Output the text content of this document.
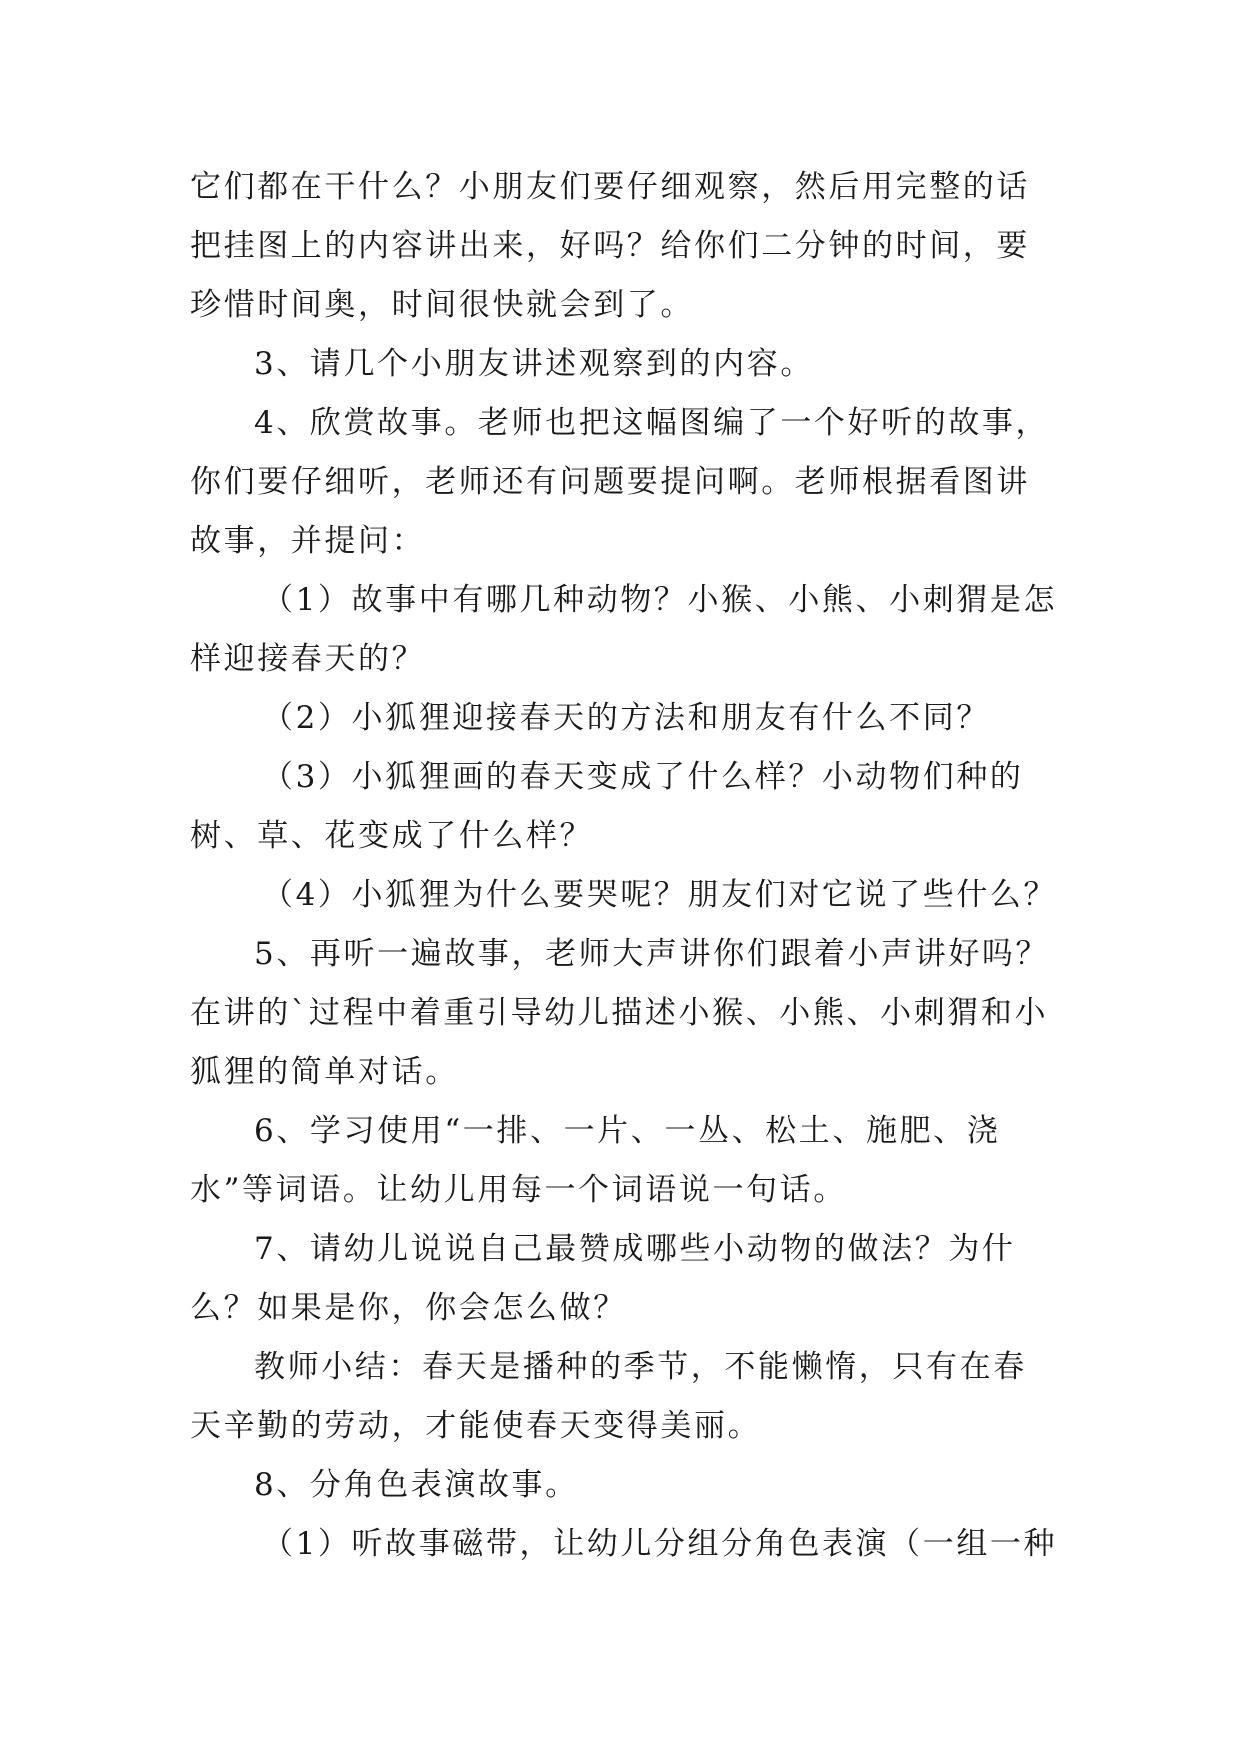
它们都在干什么？小朋友们要仔细观察，然后用完整的话把挂图上的内容讲出来，好吗？给你们二分钟的时间，要珍惜时间奥，时间很快就会到了。

3、请几个小朋友讲述观察到的内容。

4、欣赏故事。老师也把这幅图编了一个好听的故事，你们要仔细听，老师还有问题要提问啊。老师根据看图讲故事，并提问：

（1）故事中有哪几种动物？小猴、小熊、小刺猬是怎样迎接春天的？

（2）小狐狸迎接春天的方法和朋友有什么不同？

（3）小狐狸画的春天变成了什么样？小动物们种的树、草、花变成了什么样？

（4）小狐狸为什么要哭呢？朋友们对它说了些什么？

5、再听一遍故事，老师大声讲你们跟着小声讲好吗？在讲的`过程中着重引导幼儿描述小猴、小熊、小刺猬和小狐狸的简单对话。

6、学习使用“一排、一片、一丛、松土、施肥、浇水”等词语。让幼儿用每一个词语说一句话。

7、请幼儿说说自己最赞成哪些小动物的做法？为什么？如果是你，你会怎么做？

教师小结：春天是播种的季节，不能懒惰，只有在春天辛勤的劳动，才能使春天变得美丽。

8、分角色表演故事。

（1）听故事磁带，让幼儿分组分角色表演（一组一种
